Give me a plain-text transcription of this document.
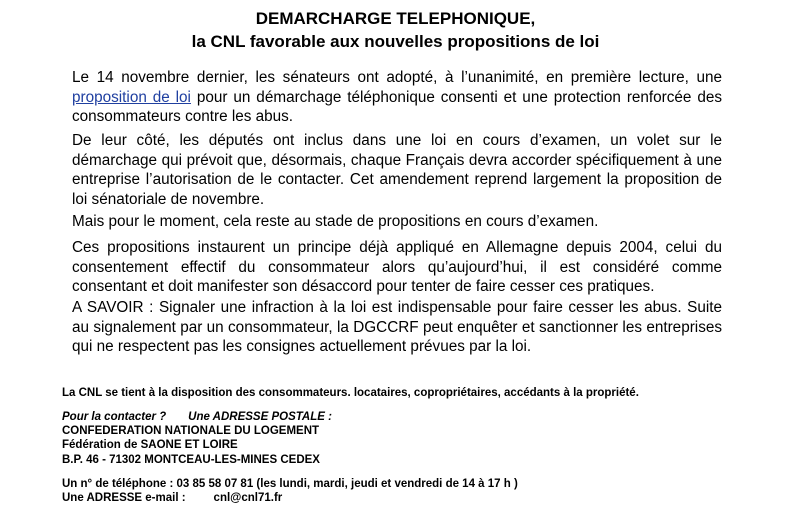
DEMARCHARGE TELEPHONIQUE,
la CNL favorable aux nouvelles propositions de loi
Le 14 novembre dernier, les sénateurs ont adopté, à l’unanimité, en première lecture, une proposition de loi pour un démarchage téléphonique consenti et une protection renforcée des consommateurs contre les abus.
De leur côté, les députés ont inclus dans une loi en cours d’examen, un volet sur le démarchage qui prévoit que, désormais, chaque Français devra accorder spécifiquement à une entreprise l’autorisation de le contacter. Cet amendement reprend largement la proposition de loi sénatoriale de novembre.
Mais pour le moment, cela reste au stade de propositions en cours d’examen.
Ces propositions instaurent un principe déjà appliqué en Allemagne depuis 2004, celui du consentement effectif du consommateur alors qu’aujourd’hui, il est considéré comme consentant et doit manifester son désaccord pour tenter de faire cesser ces pratiques.
A SAVOIR : Signaler une infraction à la loi est indispensable pour faire cesser les abus. Suite au signalement par un consommateur, la DGCCRF peut enquêter et sanctionner les entreprises qui ne respectent pas les consignes actuellement prévues par la loi.
La CNL se tient à la disposition des consommateurs. locataires, copropriétaires, accédants à la propriété.
Pour la contacter ? Une ADRESSE POSTALE :
CONFEDERATION NATIONALE DU LOGEMENT
Fédération de SAONE ET LOIRE
B.P. 46 - 71302 MONTCEAU-LES-MINES CEDEX
Un n° de téléphone : 03 85 58 07 81 (les lundi, mardi, jeudi et vendredi de 14 à 17 h )
Une ADRESSE e-mail : cnl@cnl71.fr
